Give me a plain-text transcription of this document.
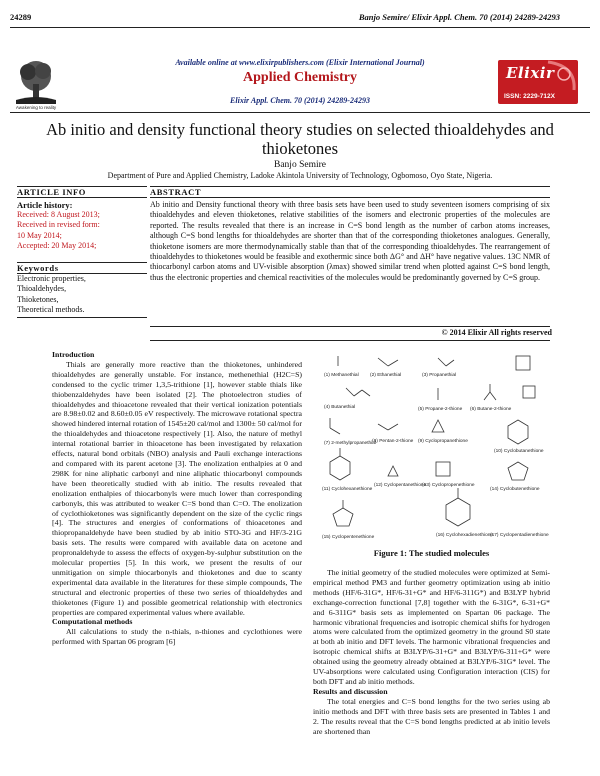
24289	Banjo Semire/ Elixir Appl. Chem. 70 (2014) 24289-24293
Awakening to reality
Available online at www.elixirpublishers.com (Elixir International Journal)
Applied Chemistry
Elixir Appl. Chem. 70 (2014) 24289-24293
Elixir
ISSN: 2229-712X
Ab initio and density functional theory studies on selected thioaldehydes and thioketones
Banjo Semire
Department of Pure and Applied Chemistry, Ladoke Akintola University of Technology, Ogbomoso, Oyo State, Nigeria.
ARTICLE INFO
Article history:
Received: 8 August 2013;
Received in revised form:
10 May 2014;
Accepted: 20 May 2014;
Keywords
Electronic properties,
Thioaldehydes,
Thioketones,
Theoretical methods.
ABSTRACT
Ab initio and Density functional theory with three basis sets have been used to study seventeen isomers comprising of six thioaldehydes and eleven thioketones, relative stabilities of the isomers and electronic properties of the molecules are reported. The results revealed that there is an increase in C=S bond length as the number of carbon atoms increases, although C=S bond lengths for thioaldehydes are shorter than that of the corresponding thioketones analogues. Generally, thioketone isomers are more thermodynamically stable than that of the corresponding thioaldehydes. The rearrangement of thioaldehydes to thioketones would be feasible and exothermic since both ΔG° and ΔH° have negative values. 13C NMR of thiocarbonyl carbon atoms and UV-visible absorption (λmax) showed similar trend when plotted against C=S bond length, thus the electronic properties and chemical reactivities of the molecules would be predominantly governed by C=S group.
© 2014 Elixir All rights reserved
Introduction
Thials are generally more reactive than the thioketones, unhindered thioaldehydes are generally unstable. For instance, methenethial (H2C=S) condensed to the cyclic trimer 1,3,5-trithione [1], however stable thials like thiobenzaldehydes have been isolated [2]. The photoelectron studies of thioaldehydes and thioacetone revealed that their vertical ionization potentials are 8.98±0.02 and 8.60±0.05 eV respectively. The microwave rotational spectra showed hindered internal rotation of 1545±20 cal/mol and 1300± 50 cal/mol for the thioaldehydes and thioacetone respectively [1]. Also, the nature of methyl internal rotational barrier in thioacetone has been investigated by relaxation effects, natural bond orbitals (NBO) analysis and Pauli exchange interactions and compared with its parent acetone [3]. The enolization enthalpies at 0 and 298K for nine aliphatic carbonyl and nine aliphatic thiocarbonyl compounds have been theoretically studied with ab initio. The results revealed that enolization enthalpies of thiocarbonyls were much lower than corresponding carbonyls, this was attributed to weaker C=S bond than C=O. The enolization of cyclothioketones was significantly dependent on the size of the cyclic rings [4]. The structures and energies of conformations of thioacetones and thiopropanaldehyde have been studied by ab initio STO-3G and HF/3-21G basis sets. The results were compared with available data on acetone and propronaldehyde to assess the effects of oxygen-by-sulphur substitution on the molecular properties [5]. In this work, we present the results of our unmitigation on simple thiocarbonyls and thioketones and due to scanty experimental data available in the literatures for these simple compounds, The structural and electronic properties of these two series of thioaldehydes and thioketones (Figure 1) and possible geometrical relationship with electronics properties are compared experimental values where available.
Computational methods
All calculations to study the n-thials, n-thiones and cyclothiones were performed with Spartan 06 program [6]
(1) Methanethial (2) Ethanethial	(3) Propanethial
(4) Butanethial	(5) Propane-2-thione (6) Butane-2-thione
(7) 2-methylpropanethial
(8) Pentan-2-thione (9) Cyclopropanethione
(10) Cyclobutanethione
(11) Cyclohexanethione
(12) Cyclopentanethione
(13) Cyclopropenethione
(14) Cyclobutenethione
(15) Cyclopentenethione	(16) Cyclohexadienethione
(17) Cyclopentadienethione
Figure 1: The studied molecules
The initial geometry of the studied molecules were optimized at Semi-empirical method PM3 and further geometry optimization using ab initio methods (HF/6-31G*, HF/6-31+G* and HF/6-311G*) and B3LYP hybrid exchange-correction functional [7,8] together with the 6-31G*, 6-31+G* and 6-311G* basis sets as implemented on Spartan 06 package. The harmonic vibrational frequencies and isotropic chemical shifts for hydrogen atoms were calculated from the optimized geometry in the ground S0 state at both ab initio and DFT levels. The harmonic vibrational frequencies and isotropic chemical shifts at B3LYP/6-31+G* and B3LYP/6-311+G* were obtained using the geometry already obtained at B3LYP/6-31G* level. The UV-absorptions were calculated using Configuration interaction (CIS) for both DFT and ab initio methods.
Results and discussion
The total energies and C=S bond lengths for the two series using ab initio methods and DFT with three basis sets are presented in Tables 1 and 2. The results reveal that the C=S bond lengths predicted at ab initio levels are shortened than
